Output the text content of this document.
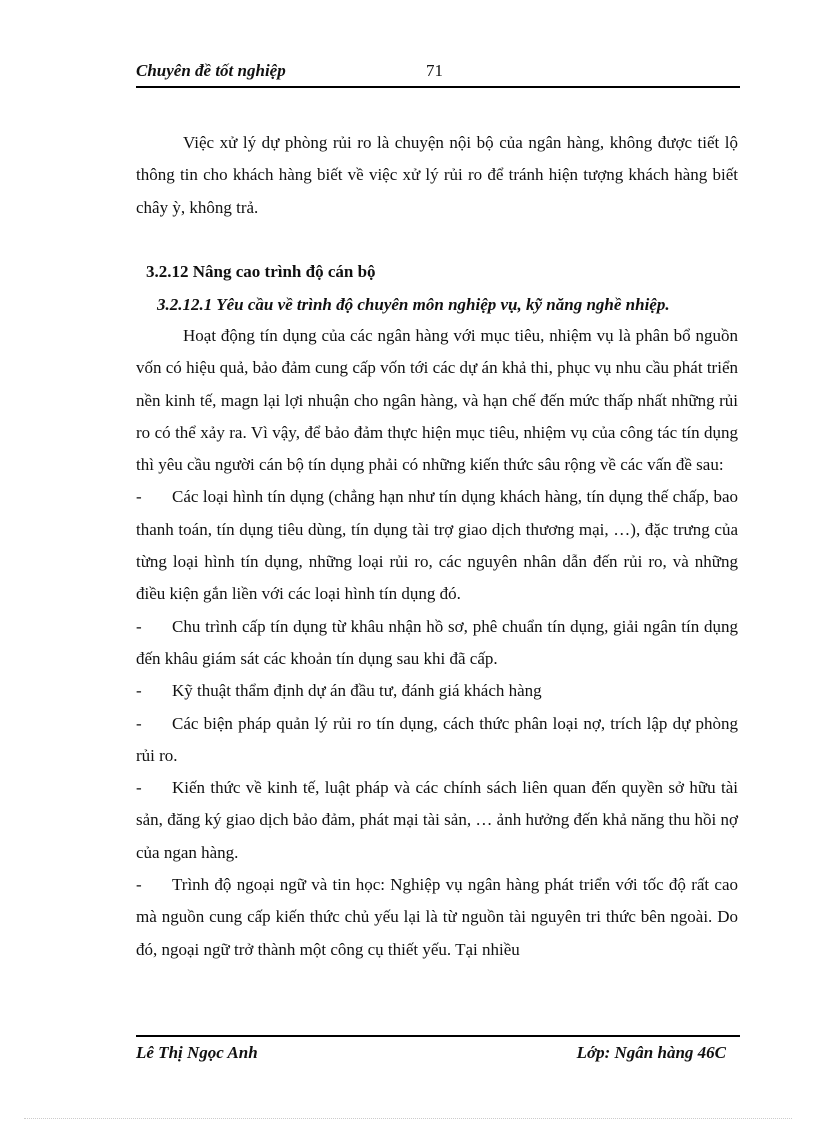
Chuyên đề tốt nghiệp	71

Việc xử lý dự phòng rủi ro là chuyện nội bộ của ngân hàng, không được tiết lộ thông tin cho khách hàng biết về việc xử lý rủi ro để tránh hiện tượng khách hàng biết chây ỳ, không trả.

3.2.12 Nâng cao trình độ cán bộ

3.2.12.1 Yêu cầu về trình độ chuyên môn nghiệp vụ, kỹ năng nghề nhiệp.

Hoạt động tín dụng của các ngân hàng với mục tiêu, nhiệm vụ là phân bổ nguồn vốn có hiệu quả, bảo đảm cung cấp vốn tới các dự án khả thi, phục vụ nhu cầu phát triển nền kinh tế, magn lại lợi nhuận cho ngân hàng, và hạn chế đến mức thấp nhất những rủi ro có thể xảy ra. Vì vậy, để bảo đảm thực hiện mục tiêu, nhiệm vụ của công tác tín dụng thì yêu cầu người cán bộ tín dụng phải có những kiến thức sâu rộng về các vấn đề sau:

- Các loại hình tín dụng (chẳng hạn như tín dụng khách hàng, tín dụng thế chấp, bao thanh toán, tín dụng tiêu dùng, tín dụng tài trợ giao dịch thương mại, …), đặc trưng của từng loại hình tín dụng, những loại rủi ro, các nguyên nhân dẫn đến rủi ro, và những điều kiện gắn liền với các loại hình tín dụng đó.

- Chu trình cấp tín dụng từ khâu nhận hồ sơ, phê chuẩn tín dụng, giải ngân tín dụng đến khâu giám sát các khoản tín dụng sau khi đã cấp.

- Kỹ thuật thẩm định dự án đầu tư, đánh giá khách hàng

- Các biện pháp quản lý rủi ro tín dụng, cách thức phân loại nợ, trích lập dự phòng rủi ro.

- Kiến thức về kinh tế, luật pháp và các chính sách liên quan đến quyền sở hữu tài sản, đăng ký giao dịch bảo đảm, phát mại tài sản, … ảnh hưởng đến khả năng thu hồi nợ của ngan hàng.

- Trình độ ngoại ngữ và tin học: Nghiệp vụ ngân hàng phát triển với tốc độ rất cao mà nguồn cung cấp kiến thức chủ yếu lại là từ nguồn tài nguyên tri thức bên ngoài. Do đó, ngoại ngữ trở thành một công cụ thiết yếu. Tại nhiều

Lê Thị Ngọc Anh	Lớp: Ngân hàng 46C
